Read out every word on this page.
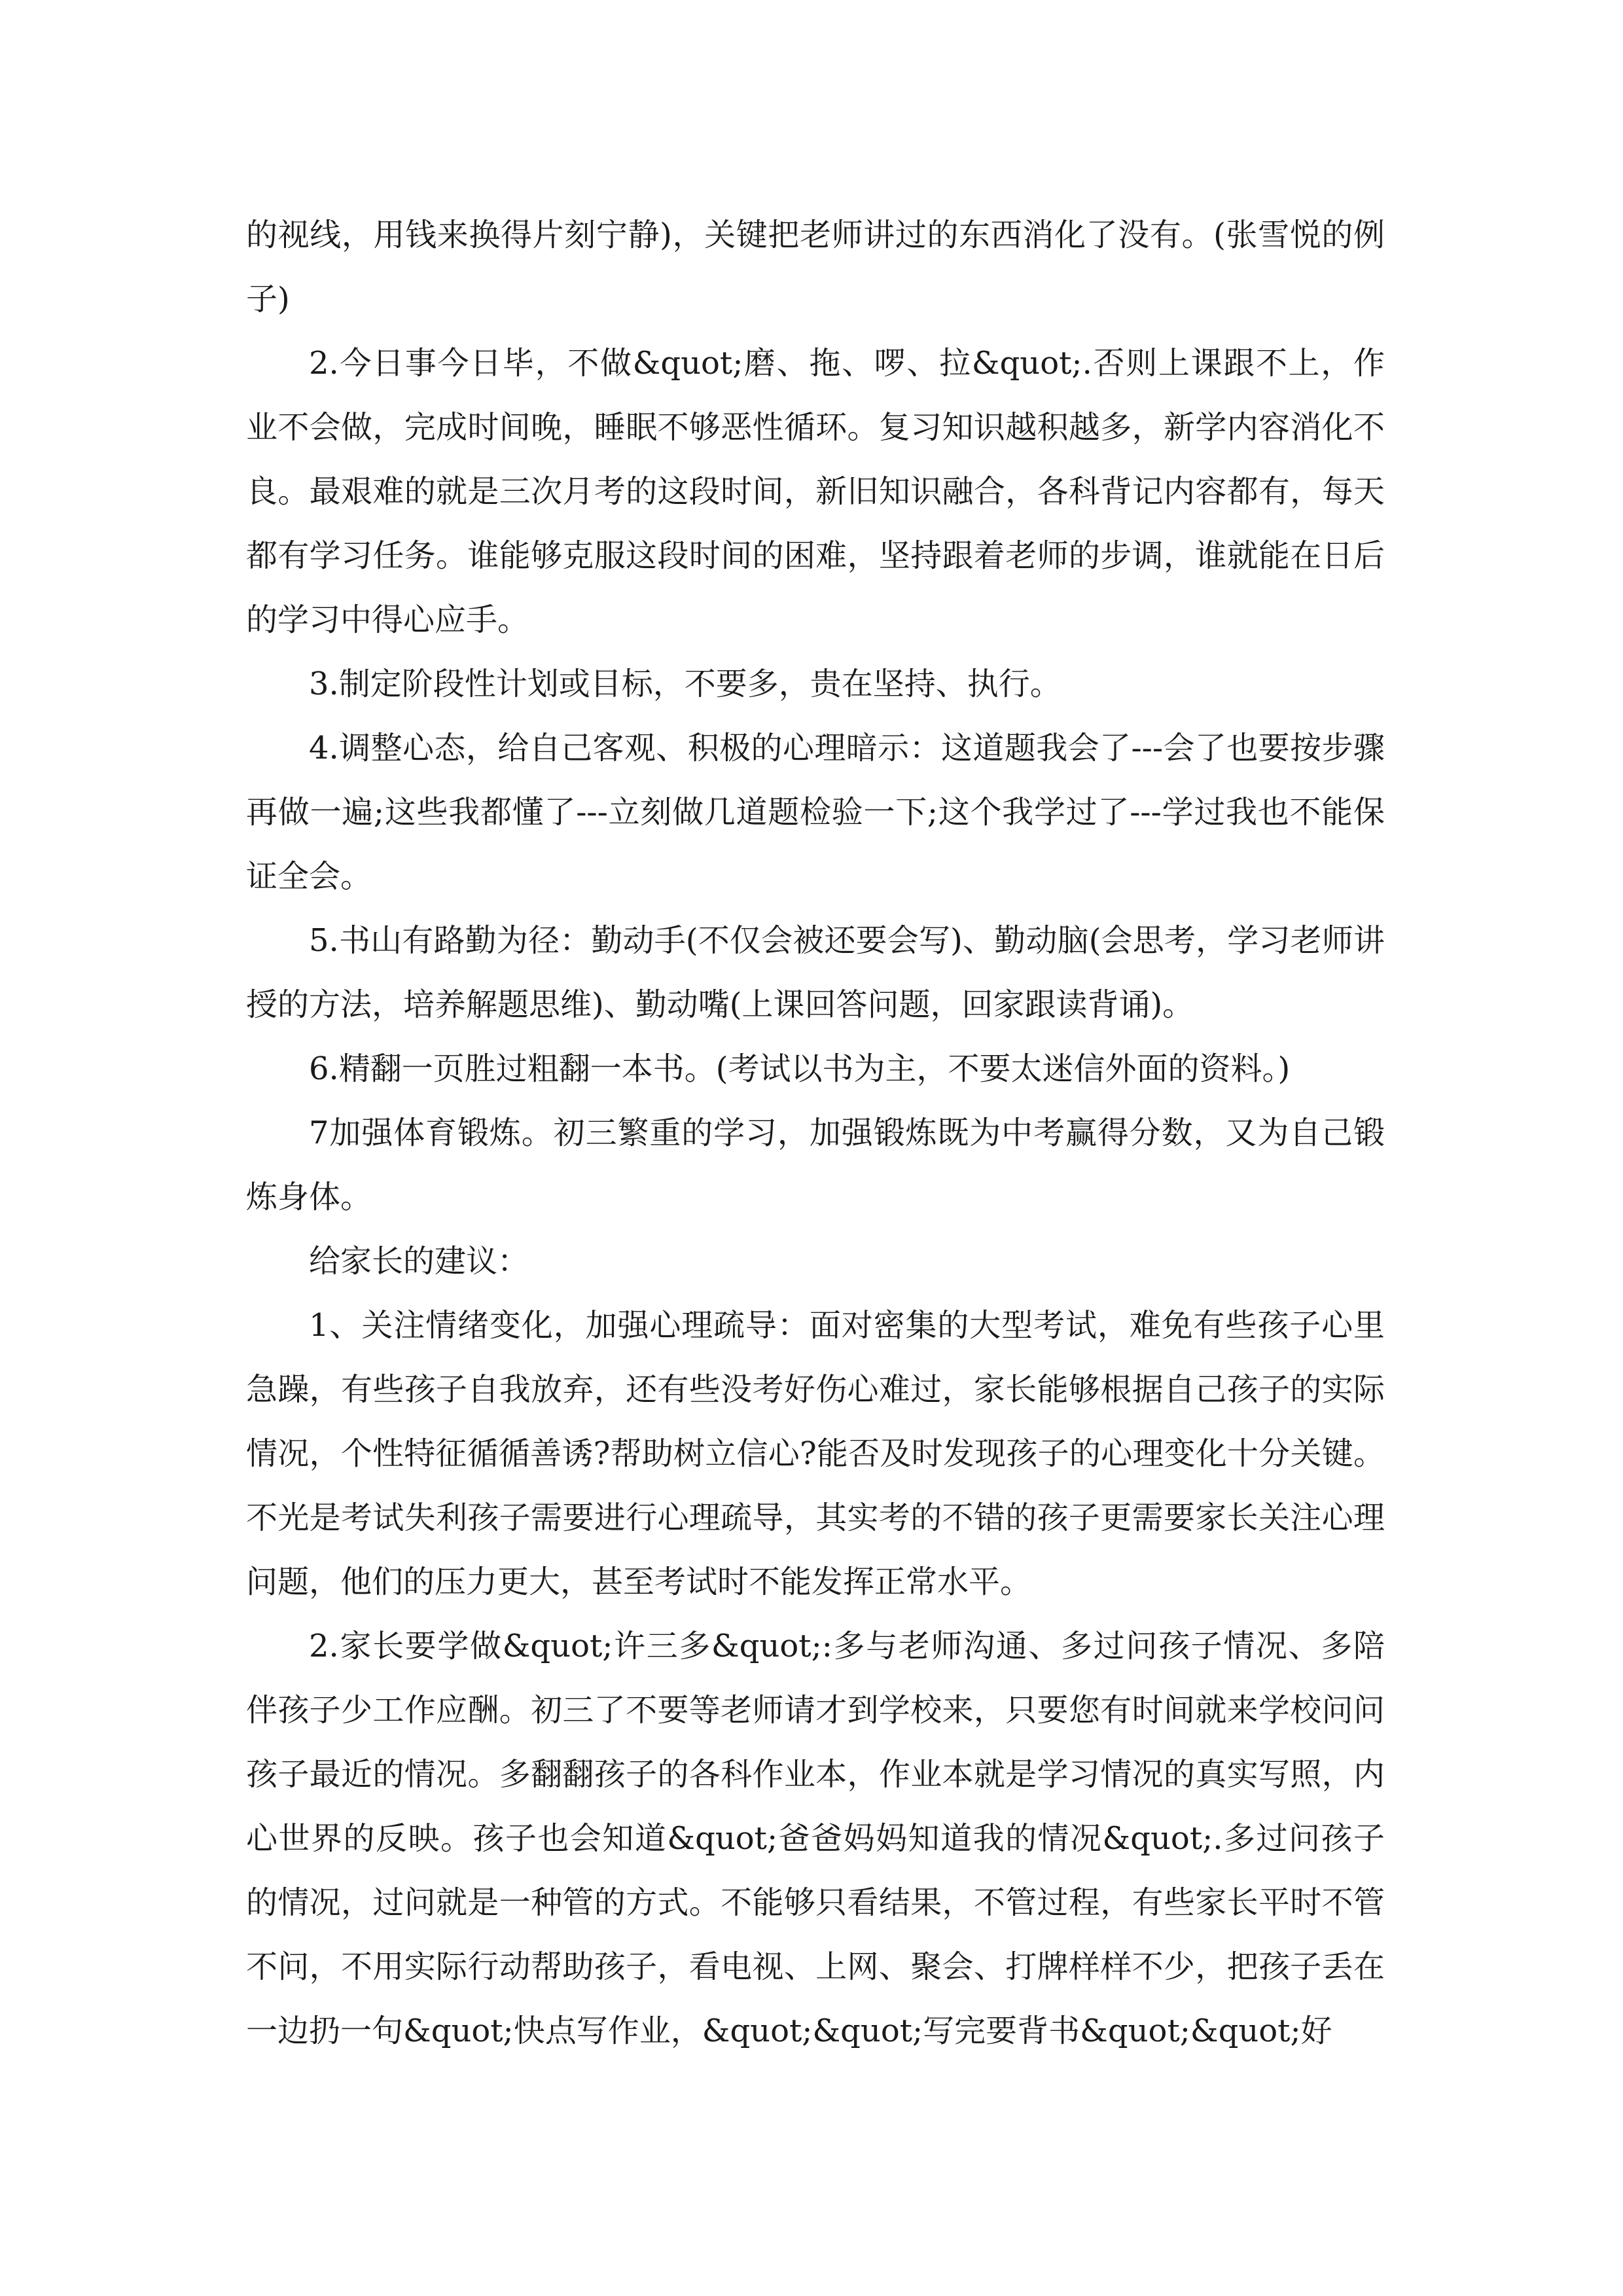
的视线，用钱来换得片刻宁静)，关键把老师讲过的东西消化了没有。(张雪悦的例子)

2.今日事今日毕，不做&quot;磨、拖、啰、拉&quot;.否则上课跟不上，作业不会做，完成时间晚，睡眠不够恶性循环。复习知识越积越多，新学内容消化不良。最艰难的就是三次月考的这段时间，新旧知识融合，各科背记内容都有，每天都有学习任务。谁能够克服这段时间的困难，坚持跟着老师的步调，谁就能在日后的学习中得心应手。

3.制定阶段性计划或目标，不要多，贵在坚持、执行。

4.调整心态，给自己客观、积极的心理暗示：这道题我会了---会了也要按步骤再做一遍;这些我都懂了---立刻做几道题检验一下;这个我学过了---学过我也不能保证全会。

5.书山有路勤为径：勤动手(不仅会被还要会写)、勤动脑(会思考，学习老师讲授的方法，培养解题思维)、勤动嘴(上课回答问题，回家跟读背诵)。

6.精翻一页胜过粗翻一本书。(考试以书为主，不要太迷信外面的资料。)

7加强体育锻炼。初三繁重的学习，加强锻炼既为中考赢得分数，又为自己锻炼身体。

给家长的建议：

1、关注情绪变化，加强心理疏导：面对密集的大型考试，难免有些孩子心里急躁，有些孩子自我放弃，还有些没考好伤心难过，家长能够根据自己孩子的实际情况，个性特征循循善诱?帮助树立信心?能否及时发现孩子的心理变化十分关键。不光是考试失利孩子需要进行心理疏导，其实考的不错的孩子更需要家长关注心理问题，他们的压力更大，甚至考试时不能发挥正常水平。

2.家长要学做&quot;许三多&quot;:多与老师沟通、多过问孩子情况、多陪伴孩子少工作应酬。初三了不要等老师请才到学校来，只要您有时间就来学校问问孩子最近的情况。多翻翻孩子的各科作业本，作业本就是学习情况的真实写照，内心世界的反映。孩子也会知道&quot;爸爸妈妈知道我的情况&quot;.多过问孩子的情况，过问就是一种管的方式。不能够只看结果，不管过程，有些家长平时不管不问，不用实际行动帮助孩子，看电视、上网、聚会、打牌样样不少，把孩子丢在一边扔一句&quot;快点写作业，&quot;&quot;写完要背书&quot;&quot;好
